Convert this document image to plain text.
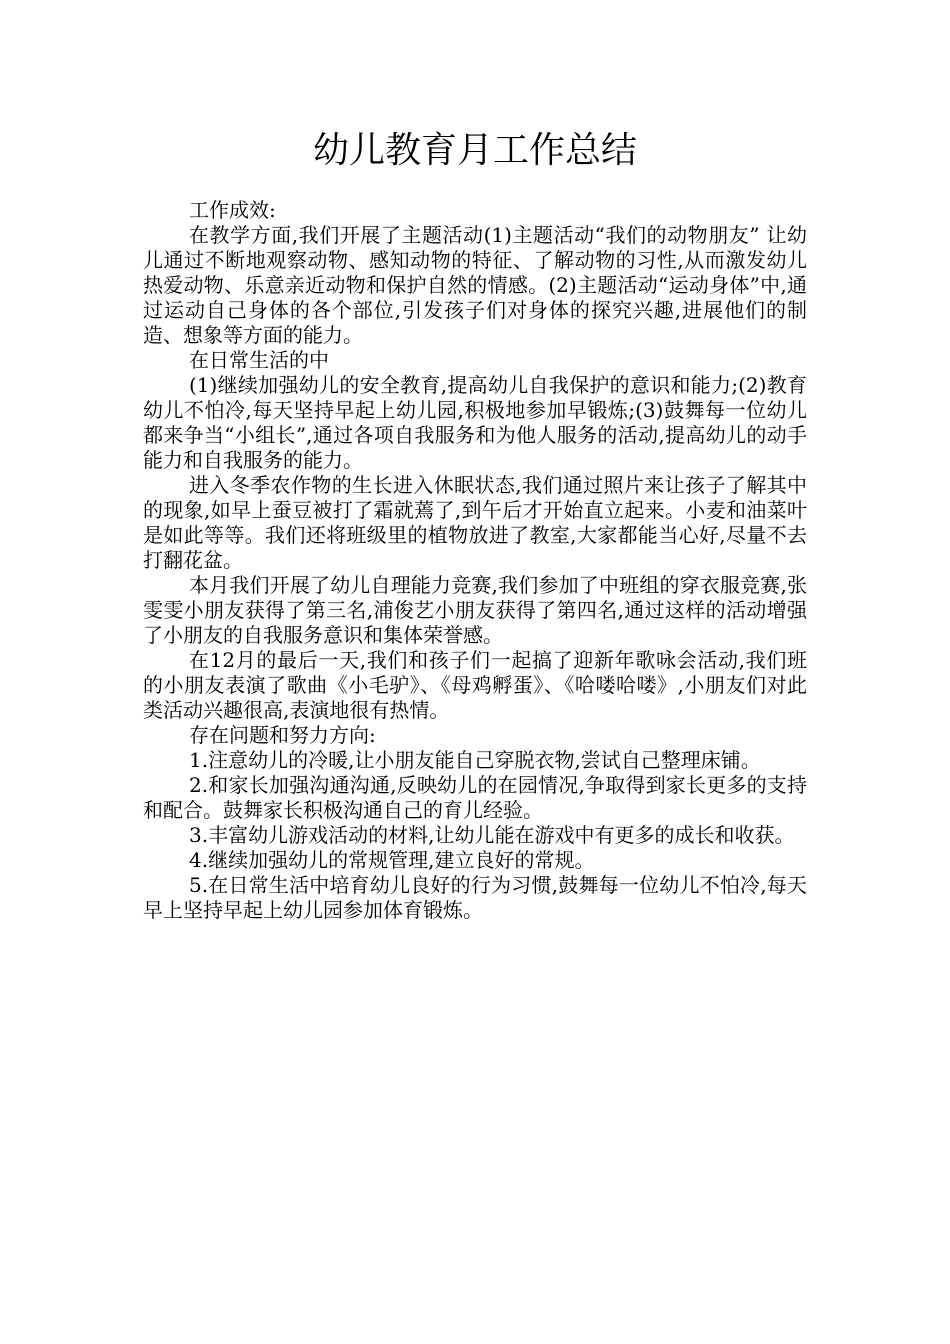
幼儿教育月工作总结

工作成效:

在教学方面,我们开展了主题活动(1)主题活动“我们的动物朋友” 让幼儿通过不断地观察动物、感知动物的特征、了解动物的习性,从而激发幼儿热爱动物、乐意亲近动物和保护自然的情感。(2)主题活动“运动身体”中,通过运动自己身体的各个部位,引发孩子们对身体的探究兴趣,进展他们的制造、想象等方面的能力。

在日常生活的中

(1)继续加强幼儿的安全教育,提高幼儿自我保护的意识和能力;(2)教育幼儿不怕冷,每天坚持早起上幼儿园,积极地参加早锻炼;(3)鼓舞每一位幼儿都来争当“小组长”,通过各项自我服务和为他人服务的活动,提高幼儿的动手能力和自我服务的能力。

进入冬季农作物的生长进入休眠状态,我们通过照片来让孩子了解其中的现象,如早上蚕豆被打了霜就蔫了,到午后才开始直立起来。小麦和油菜叶是如此等等。我们还将班级里的植物放进了教室,大家都能当心好,尽量不去打翻花盆。

本月我们开展了幼儿自理能力竞赛,我们参加了中班组的穿衣服竞赛,张雯雯小朋友获得了第三名,浦俊艺小朋友获得了第四名,通过这样的活动增强了小朋友的自我服务意识和集体荣誉感。

在12月的最后一天,我们和孩子们一起搞了迎新年歌咏会活动,我们班的小朋友表演了歌曲《小毛驴》、《母鸡孵蛋》、《哈喽哈喽》,小朋友们对此类活动兴趣很高,表演地很有热情。

存在问题和努力方向:

1.注意幼儿的冷暖,让小朋友能自己穿脱衣物,尝试自己整理床铺。

2.和家长加强沟通沟通,反映幼儿的在园情况,争取得到家长更多的支持和配合。鼓舞家长积极沟通自己的育儿经验。

3.丰富幼儿游戏活动的材料,让幼儿能在游戏中有更多的成长和收获。

4.继续加强幼儿的常规管理,建立良好的常规。

5.在日常生活中培育幼儿良好的行为习惯,鼓舞每一位幼儿不怕冷,每天早上坚持早起上幼儿园参加体育锻炼。
